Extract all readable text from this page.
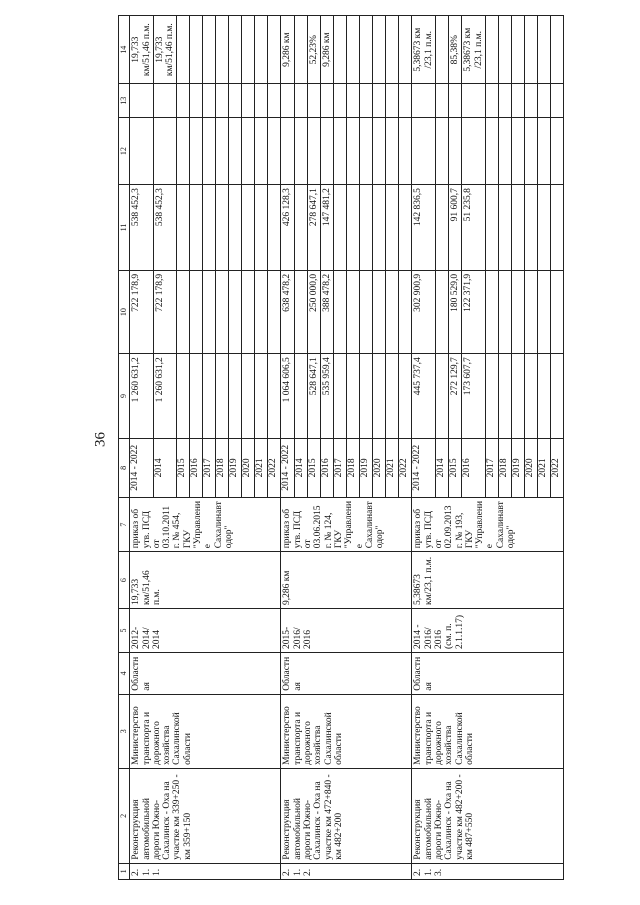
36
1	2	3	4	5	6	7	8	9	10	11	12	13	14
2.1.1.	Реконструкция автомобильной дороги Южно-Сахалинск - Оха на участке км 339+250 - км 359+150	Министерство транспорта и дорожного хозяйства Сахалинской области	Областная	2012-2014/ 2014	19,733 км/51,46 п.м.	приказ об утв. ПСД от 03.10.2011 г. № 454, ГКУ "Управление Сахалинавтодор"	2014 - 2022	1 260 631,2	722 178,9	538 452,3			19,733 км/51,46 п.м.
							2014	1 260 631,2	722 178,9	538 452,3			19,733 км/51,46 п.м.
							2015						
							2016						
							2017						
							2018						
							2019						
							2020						
							2021						
							2022						
2.1.2.	Реконструкция автомобильной дороги Южно-Сахалинск - Оха на участке км 472+840 - км 482+200	Министерство транспорта и дорожного хозяйства Сахалинской области	Областная	2015-2016/ 2016	9,286 км	приказ об утв. ПСД от 03.06.2015 г. № 124, ГКУ "Управление Сахалинавтодор"	2014 - 2022	1 064 606,5	638 478,2	426 128,3			9,286 км
							2014						
							2015	528 647,1	250 000,0	278 647,1			52,23%
							2016	535 959,4	388 478,2	147 481,2			9,286 км
							2017						
							2018						
							2019						
							2020						
							2021						
							2022						
2.1.3.	Реконструкция автомобильной дороги Южно-Сахалинск - Оха на участке км 482+200 - км 487+550	Министерство транспорта и дорожного хозяйства Сахалинской области	Областная	2014 - 2016/ 2016 (см. п. 2.1.1.17)	5,38673 км/23,1 п.м.	приказ об утв. ПСД от 02.09.2013 г. № 193, ГКУ "Управление Сахалинавтодор"	2014 - 2022	445 737,4	302 900,9	142 836,5			5,38673 км /23,1 п.м.
							2014						
							2015	272 129,7	180 529,0	91 600,7			85,38%
							2016	173 607,7	122 371,9	51 235,8			5,38673 км /23,1 п.м.
							2017						
							2018						
							2019						
							2020						
							2021						
							2022						
